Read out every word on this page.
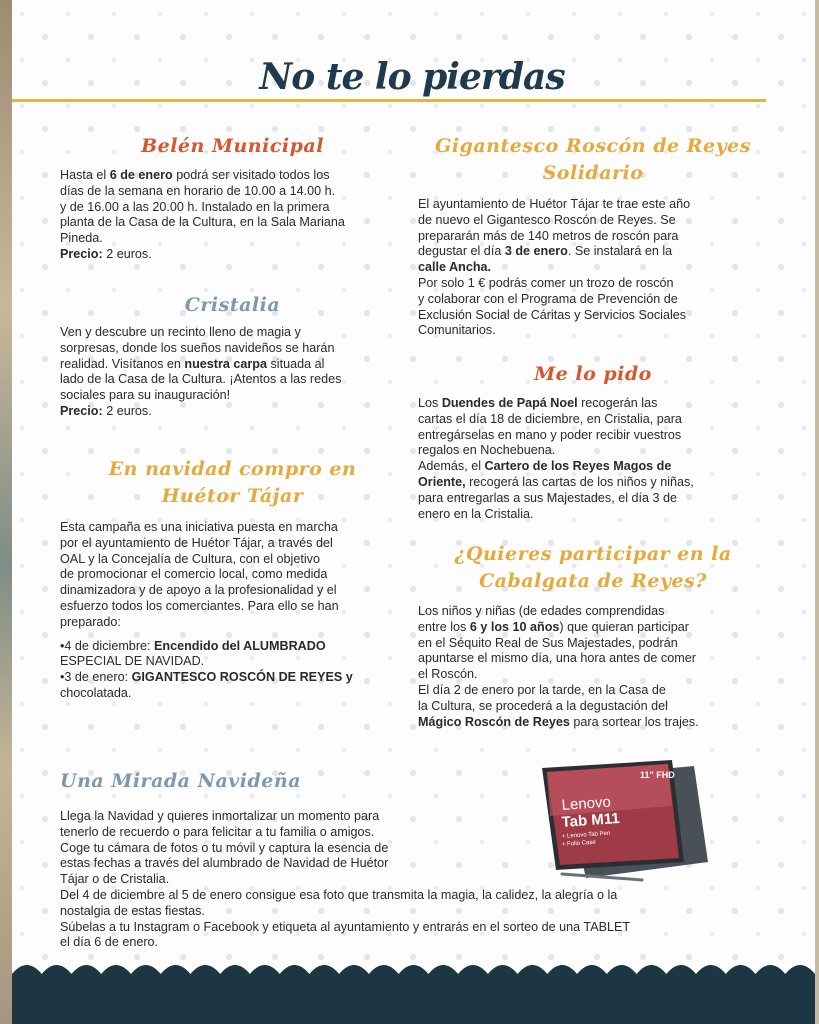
No te lo pierdas
Belén Municipal

Hasta el 6 de enero podrá ser visitado todos los

días de la semana en horario de 10.00 a 14.00 h.

y de 16.00 a las 20.00 h. Instalado en la primera

planta de la Casa de la Cultura, en la Sala Mariana

Pineda.

Precio: 2 euros.

Cristalia

Ven y descubre un recinto lleno de magia y

sorpresas, donde los sueños navideños se harán

realidad. Visítanos en nuestra carpa situada al

lado de la Casa de la Cultura. ¡Atentos a las redes

sociales para su inauguración!

Precio: 2 euros.

En navidad compro en
Huétor Tájar

Esta campaña es una iniciativa puesta en marcha

por el ayuntamiento de Huétor Tájar, a través del

OAL y la Concejalía de Cultura, con el objetivo

de promocionar el comercio local, como medida

dinamizadora y de apoyo a la profesionalidad y el

esfuerzo todos los comerciantes. Para ello se han

preparado:

•4 de diciembre: Encendido del ALUMBRADO

ESPECIAL DE NAVIDAD.

•3 de enero: GIGANTESCO ROSCÓN DE REYES y

chocolatada.

Gigantesco Roscón de Reyes
Solidario

El ayuntamiento de Huétor Tájar te trae este año

de nuevo el Gigantesco Roscón de Reyes. Se

prepararán más de 140 metros de roscón para

degustar el día 3 de enero. Se instalará en la

calle Ancha.

Por solo 1 € podrás comer un trozo de roscón

y colaborar con el Programa de Prevención de

Exclusión Social de Cáritas y Servicios Sociales

Comunitarios.

Me lo pido

Los Duendes de Papá Noel recogerán las

cartas el día 18 de diciembre, en Cristalia, para

entregárselas en mano y poder recibir vuestros

regalos en Nochebuena.

Además, el Cartero de los Reyes Magos de

Oriente, recogerá las cartas de los niños y niñas,

para entregarlas a sus Majestades, el día 3 de

enero en la Cristalia.

¿Quieres participar en la
Cabalgata de Reyes?

Los niños y niñas (de edades comprendidas

entre los 6 y los 10 años) que quieran participar

en el Séquito Real de Sus Majestades, podrán

apuntarse el mismo día, una hora antes de comer

el Roscón.

El día 2 de enero por la tarde, en la Casa de

la Cultura, se procederá a la degustación del

Mágico Roscón de Reyes para sortear los trajes.

Una Mirada Navideña

Llega la Navidad y quieres inmortalizar un momento para

tenerlo de recuerdo o para felicitar a tu familia o amigos.

Coge tu cámara de fotos o tu móvil y captura la esencia de

estas fechas a través del alumbrado de Navidad de Huétor

Tájar o de Cristalia.

Del 4 de diciembre al 5 de enero consigue esa foto que transmita la magia, la calidez, la alegría o la

nostalgia de estas fiestas.

Súbelas a tu Instagram o Facebook y etiqueta al ayuntamiento y entrarás en el sorteo de una TABLET

el día 6 de enero.

11" FHD
Lenovo
Tab M11
+ Lenovo Tab Pen
+ Folio Case
